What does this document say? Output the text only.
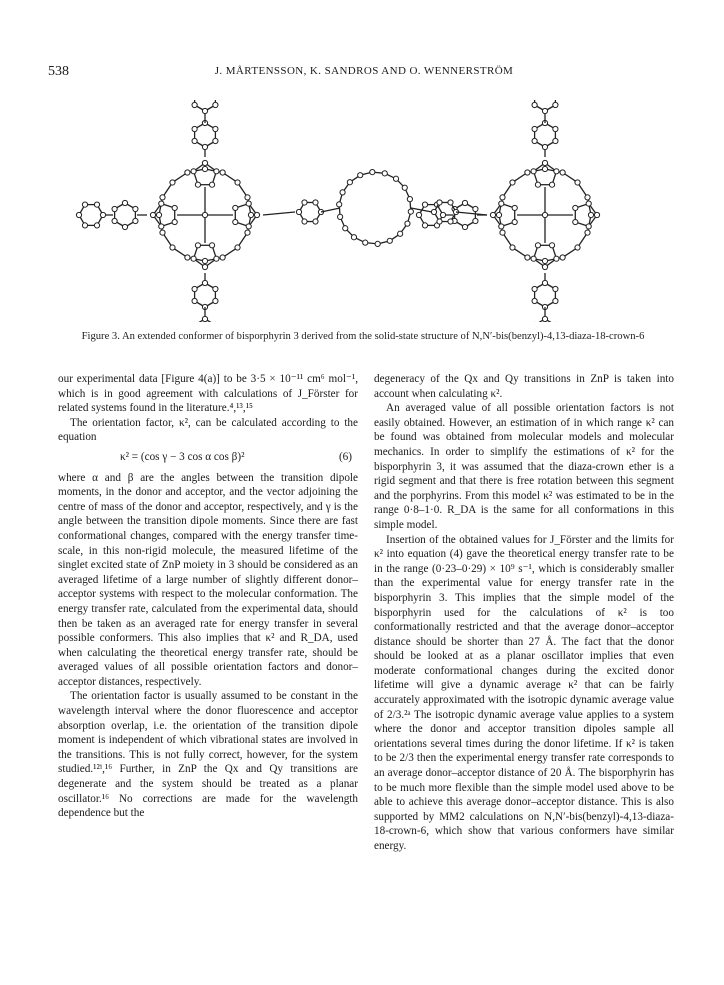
538	J. MÅRTENSSON, K. SANDROS AND O. WENNERSTRÖM
Figure 3. An extended conformer of bisporphyrin 3 derived from the solid-state structure of N,N′-bis(benzyl)-4,13-diaza-18-crown-6

our experimental data [Figure 4(a)] to be 3·5 × 10⁻¹¹ cm⁶ mol⁻¹, which is in good agreement with calculations of J_Förster for related systems found in the literature.⁴,¹³,¹⁵

The orientation factor, κ², can be calculated according to the equation

κ² = (cos γ − 3 cos α cos β)²	(6)

where α and β are the angles between the transition dipole moments, in the donor and acceptor, and the vector adjoining the centre of mass of the donor and acceptor, respectively, and γ is the angle between the transition dipole moments. Since there are fast conformational changes, compared with the energy transfer time-scale, in this non-rigid molecule, the measured lifetime of the singlet excited state of ZnP moiety in 3 should be considered as an averaged lifetime of a large number of slightly different donor–acceptor systems with respect to the molecular conformation. The energy transfer rate, calculated from the experimental data, should then be taken as an averaged rate for energy transfer in several possible conformers. This also implies that κ² and R_DA, used when calculating the theoretical energy transfer rate, should be averaged values of all possible orientation factors and donor–acceptor distances, respectively.

The orientation factor is usually assumed to be constant in the wavelength interval where the donor fluorescence and acceptor absorption overlap, i.e. the orientation of the transition dipole moment is independent of which vibrational states are involved in the transitions. This is not fully correct, however, for the system studied.¹²ⁱ,¹⁶ Further, in ZnP the Qx and Qy transitions are degenerate and the system should be treated as a planar oscillator.¹⁶ No corrections are made for the wavelength dependence but the

degeneracy of the Qx and Qy transitions in ZnP is taken into account when calculating κ².

An averaged value of all possible orientation factors is not easily obtained. However, an estimation of in which range κ² can be found was obtained from molecular models and molecular mechanics. In order to simplify the estimations of κ² for the bisporphyrin 3, it was assumed that the diaza-crown ether is a rigid segment and that there is free rotation between this segment and the porphyrins. From this model κ² was estimated to be in the range 0·8–1·0. R_DA is the same for all conformations in this simple model.

Insertion of the obtained values for J_Förster and the limits for κ² into equation (4) gave the theoretical energy transfer rate to be in the range (0·23–0·29) × 10⁹ s⁻¹, which is considerably smaller than the experimental value for energy transfer rate in the bisporphyrin 3. This implies that the simple model of the bisporphyrin used for the calculations of κ² is too conformationally restricted and that the average donor–acceptor distance should be shorter than 27 Å. The fact that the donor should be looked at as a planar oscillator implies that even moderate conformational changes during the excited donor lifetime will give a dynamic average κ² that can be fairly accurately approximated with the isotropic dynamic average value of 2/3.²ᵃ The isotropic dynamic average value applies to a system where the donor and acceptor transition dipoles sample all orientations several times during the donor lifetime. If κ² is taken to be 2/3 then the experimental energy transfer rate corresponds to an average donor–acceptor distance of 20 Å. The bisporphyrin has to be much more flexible than the simple model used above to be able to achieve this average donor–acceptor distance. This is also supported by MM2 calculations on N,N′-bis(benzyl)-4,13-diaza-18-crown-6, which show that various conformers have similar energy.
